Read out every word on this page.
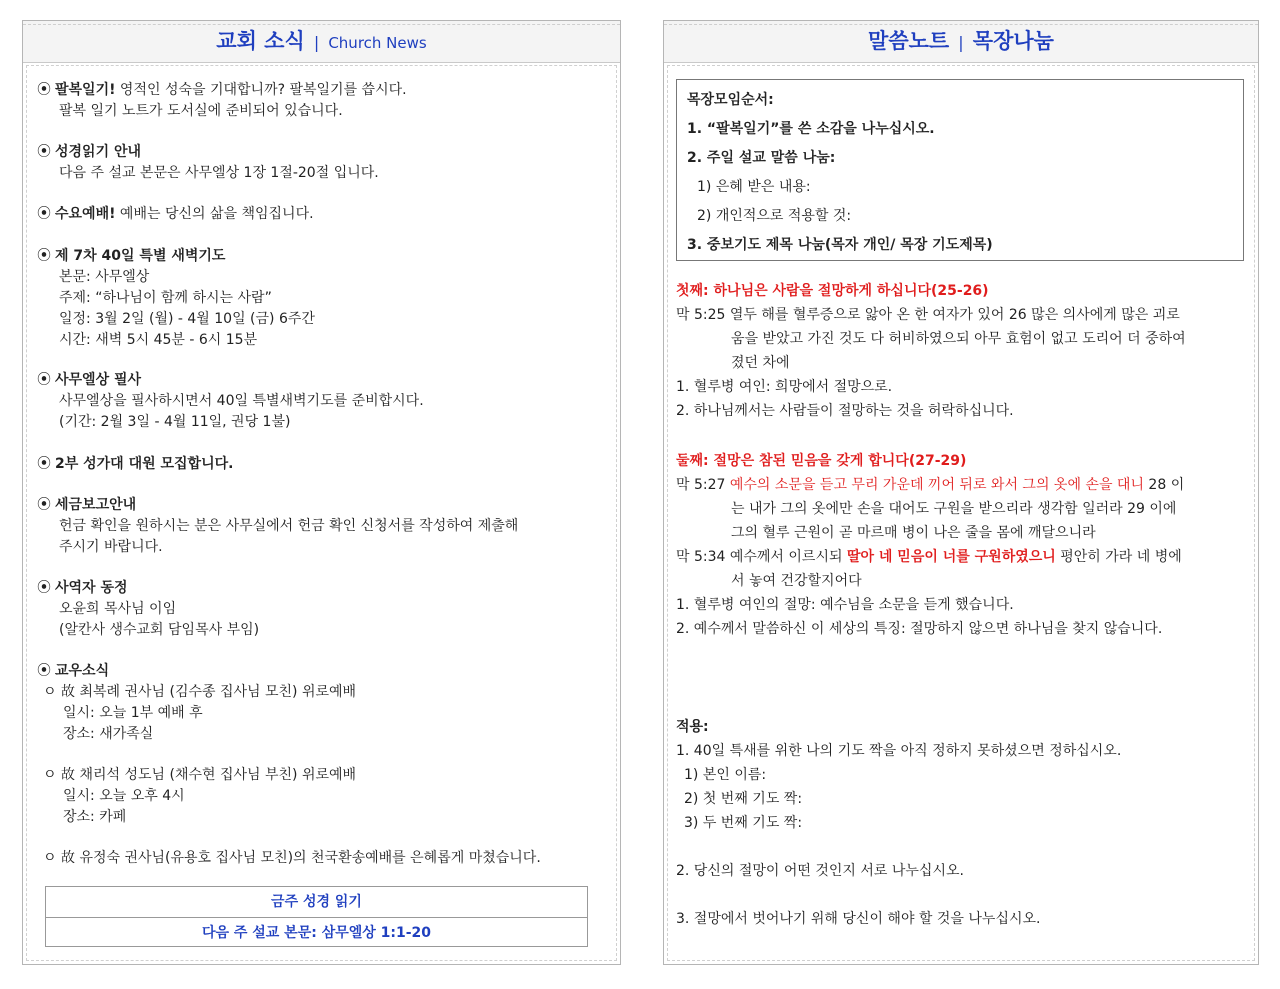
교회 소식 | Church News
⦿ 팔복일기! 영적인 성숙을 기대합니까? 팔복일기를 씁시다.
팔복 일기 노트가 도서실에 준비되어 있습니다.
⦿ 성경읽기 안내
다음 주 설교 본문은 사무엘상 1장 1절-20절 입니다.
⦿ 수요예배! 예배는 당신의 삶을 책임집니다.
⦿ 제 7차 40일 특별 새벽기도
본문: 사무엘상
주제: “하나님이 함께 하시는 사람”
일정: 3월 2일 (월) - 4월 10일 (금) 6주간
시간: 새벽 5시 45분 - 6시 15분
⦿ 사무엘상 필사
사무엘상을 필사하시면서 40일 특별새벽기도를 준비합시다.
(기간: 2월 3일 - 4월 11일, 권당 1불)
⦿ 2부 성가대 대원 모집합니다.
⦿ 세금보고안내
헌금 확인을 원하시는 분은 사무실에서 헌금 확인 신청서를 작성하여 제출해
주시기 바랍니다.
⦿ 사역자 동정
오윤희 목사님 이임
(알칸사 생수교회 담임목사 부임)
⦿ 교우소식
ㅇ 故 최복례 권사님 (김수종 집사님 모친) 위로예배
일시: 오늘 1부 예배 후
장소: 새가족실
ㅇ 故 채리석 성도님 (채수현 집사님 부친) 위로예배
일시: 오늘 오후 4시
장소: 카페
ㅇ 故 유정숙 권사님(유용호 집사님 모친)의 천국환송예배를 은혜롭게 마쳤습니다.
금주 성경 읽기
다음 주 설교 본문: 삼무엘상 1:1-20
말씀노트 | 목장나눔
목장모임순서:
1. “팔복일기”를 쓴 소감을 나누십시오.
2. 주일 설교 말씀 나눔:
1) 은혜 받은 내용:
2) 개인적으로 적용할 것:
3. 중보기도 제목 나눔(목자 개인/ 목장 기도제목)
첫째: 하나님은 사람을 절망하게 하십니다(25-26)
막 5:25 열두 해를 혈루증으로 앓아 온 한 여자가 있어 26 많은 의사에게 많은 괴로
움을 받았고 가진 것도 다 허비하였으되 아무 효험이 없고 도리어 더 중하여
졌던 차에
1. 혈루병 여인: 희망에서 절망으로.
2. 하나님께서는 사람들이 절망하는 것을 허락하십니다.
둘째: 절망은 참된 믿음을 갖게 합니다(27-29)
막 5:27 예수의 소문을 듣고 무리 가운데 끼어 뒤로 와서 그의 옷에 손을 대니 28 이
는 내가 그의 옷에만 손을 대어도 구원을 받으리라 생각함 일러라 29 이에
그의 혈루 근원이 곧 마르매 병이 나은 줄을 몸에 깨달으니라
막 5:34 예수께서 이르시되 딸아 네 믿음이 너를 구원하였으니 평안히 가라 네 병에
서 놓여 건강할지어다
1. 혈루병 여인의 절망: 예수님을 소문을 듣게 했습니다.
2. 예수께서 말씀하신 이 세상의 특징: 절망하지 않으면 하나님을 찾지 않습니다.
적용:
1. 40일 특새를 위한 나의 기도 짝을 아직 정하지 못하셨으면 정하십시오.
1) 본인 이름:
2) 첫 번째 기도 짝:
3) 두 번째 기도 짝:
2. 당신의 절망이 어떤 것인지 서로 나누십시오.
3. 절망에서 벗어나기 위해 당신이 해야 할 것을 나누십시오.
